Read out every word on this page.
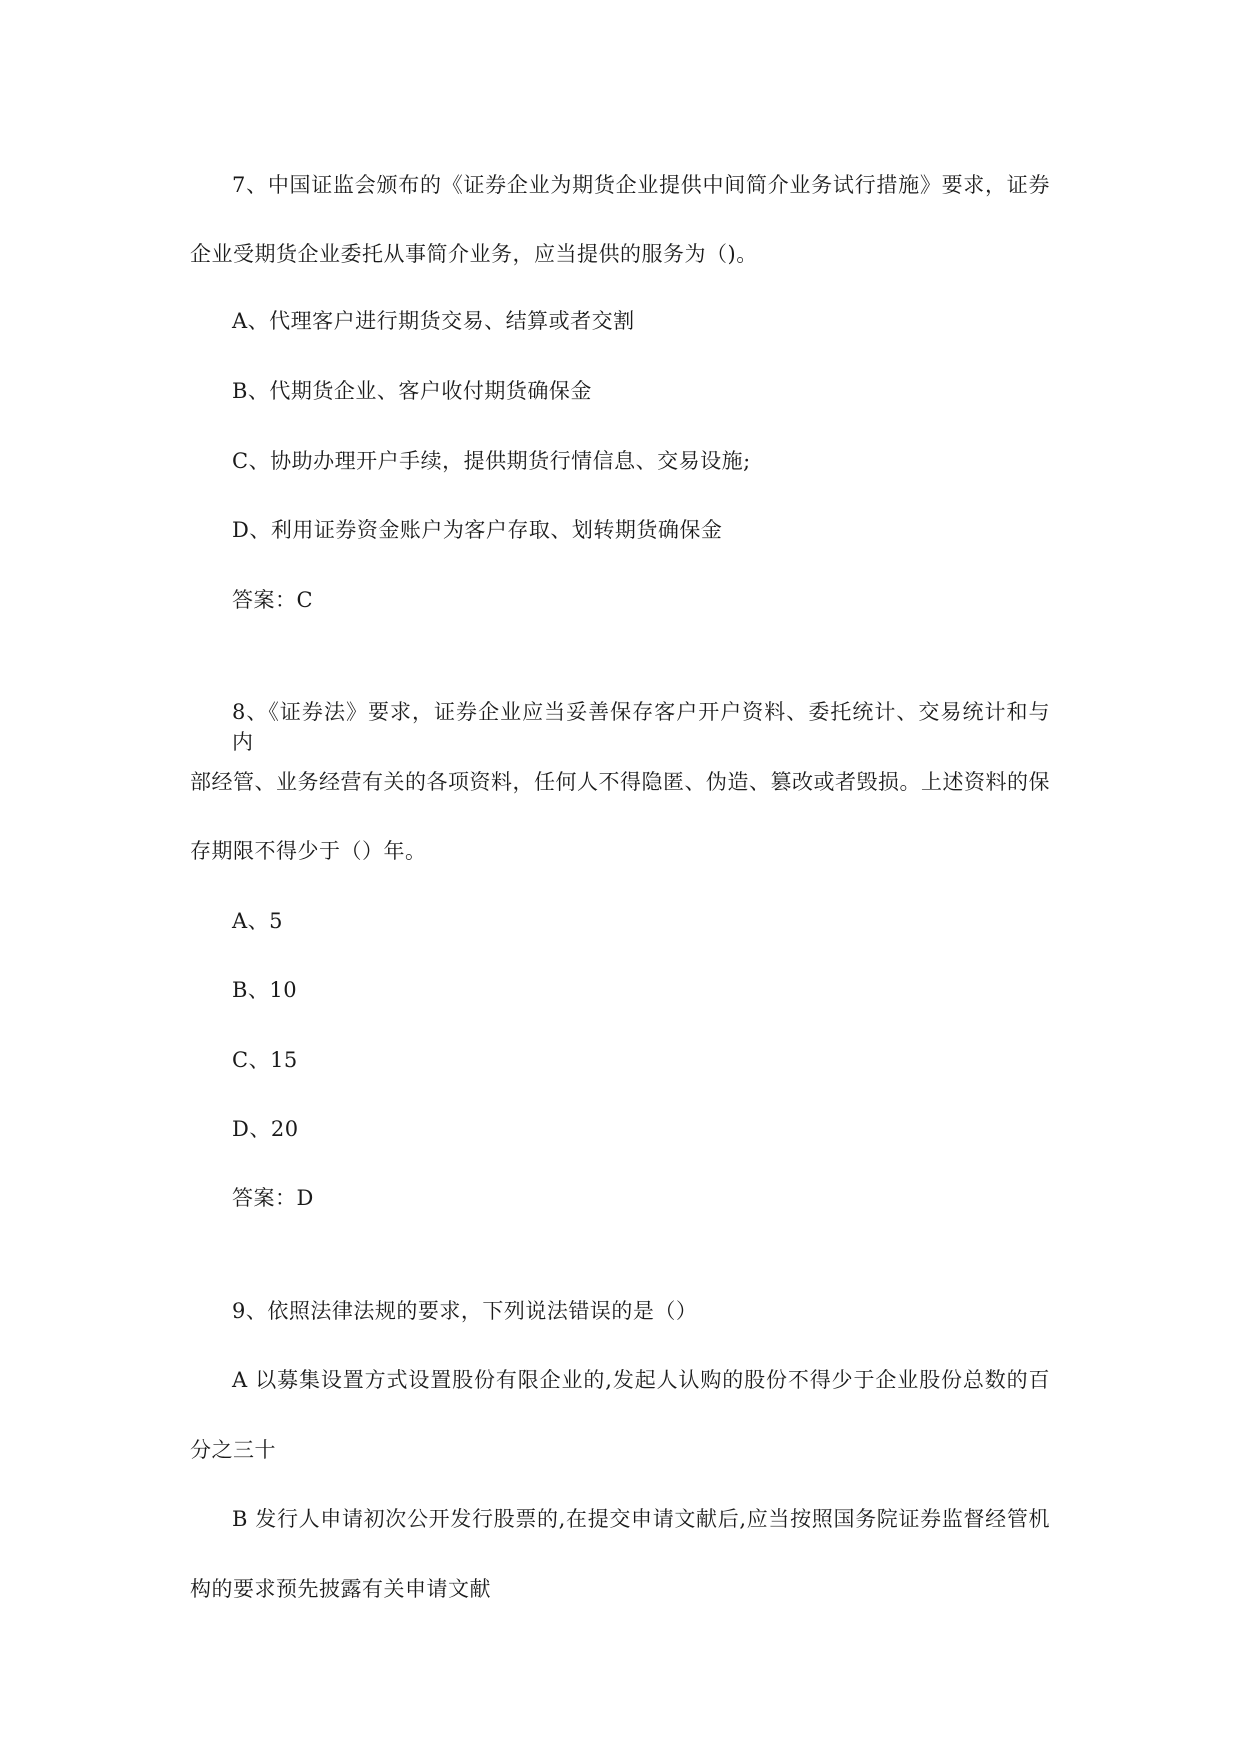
7、中国证监会颁布的《证券企业为期货企业提供中间简介业务试行措施》要求，证券
企业受期货企业委托从事简介业务，应当提供的服务为（)。
A、代理客户进行期货交易、结算或者交割
B、代期货企业、客户收付期货确保金
C、协助办理开户手续，提供期货行情信息、交易设施;
D、利用证券资金账户为客户存取、划转期货确保金
答案：C
8、《证券法》要求，证券企业应当妥善保存客户开户资料、委托统计、交易统计和与内
部经管、业务经营有关的各项资料，任何人不得隐匿、伪造、篡改或者毁损。上述资料的保
存期限不得少于（）年。
A、5
B、10
C、15
D、20
答案：D
9、依照法律法规的要求，下列说法错误的是（）
A 以募集设置方式设置股份有限企业的,发起人认购的股份不得少于企业股份总数的百
分之三十
B 发行人申请初次公开发行股票的,在提交申请文献后,应当按照国务院证券监督经管机
构的要求预先披露有关申请文献
